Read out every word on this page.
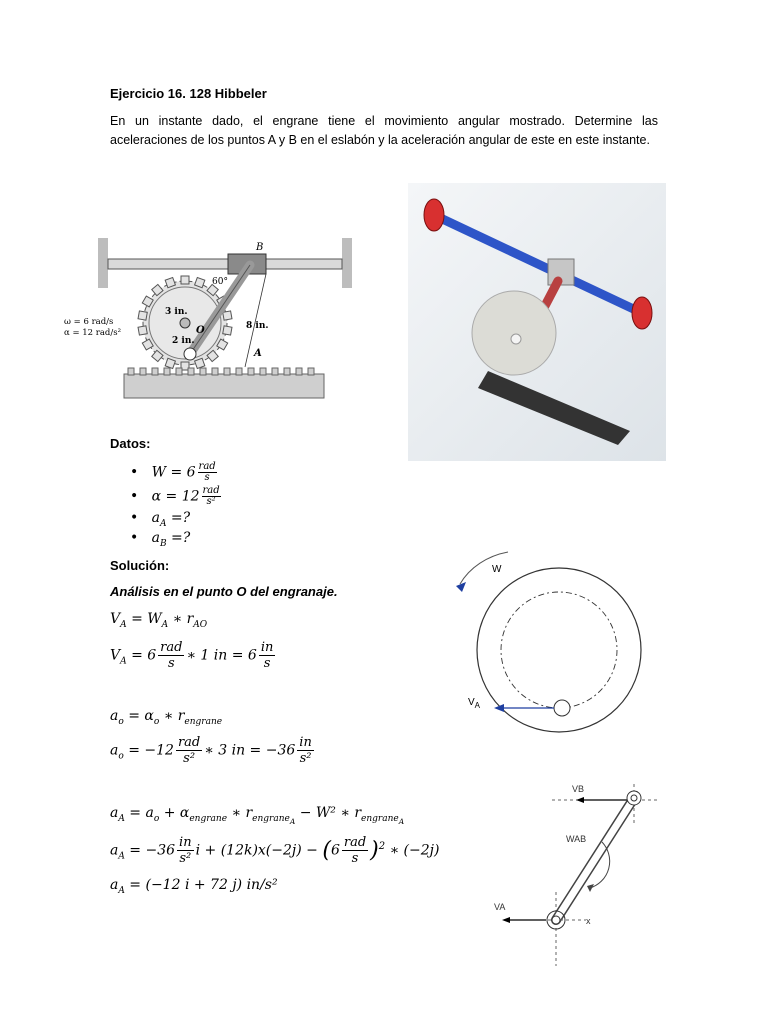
Ejercicio 16. 128 Hibbeler
En un instante dado, el engrane tiene el movimiento angular mostrado. Determine las aceleraciones de los puntos A y B en el eslabón y la aceleración angular de este en este instante.
B
60°
3 in.
2 in.
8 in.
O
A
ω = 6 rad/s
α = 12 rad/s²
Datos:
•   $W = 6 \frac{\text{rad}}{s}$
•   $\alpha = 12 \frac{\text{rad}}{\text{s²}}$
•   $a_A$ =?
•   $a_B$ =?
Solución:
Análisis en el punto O del engranaje.
$V_A = W_A$ ∗ $r_{AO}$
$V_A = 6$ rad
s ∗ 1 in = $6 \frac{in}{s}$
$a_o = \alpha_o$ ∗ $r_{engrane}$
$a_o = -12$ rad
s² ∗ 3 in = $-36 \frac{in}{\text{s²}}$
$a_A = a_o + \alpha_{engrane}$ ∗ $r_{engrane_A} - W^2$ ∗ $r_{engrane_A}$
$a_A = -36 \frac{in}{\text{s²}}$ i + (12k)x(−2j) − (6 rad
s )$^2$ ∗ (−2j)
$a_A = (-12$ i + 72 j) in/s²
W
$V_A$
VB
WAB
VA
x
